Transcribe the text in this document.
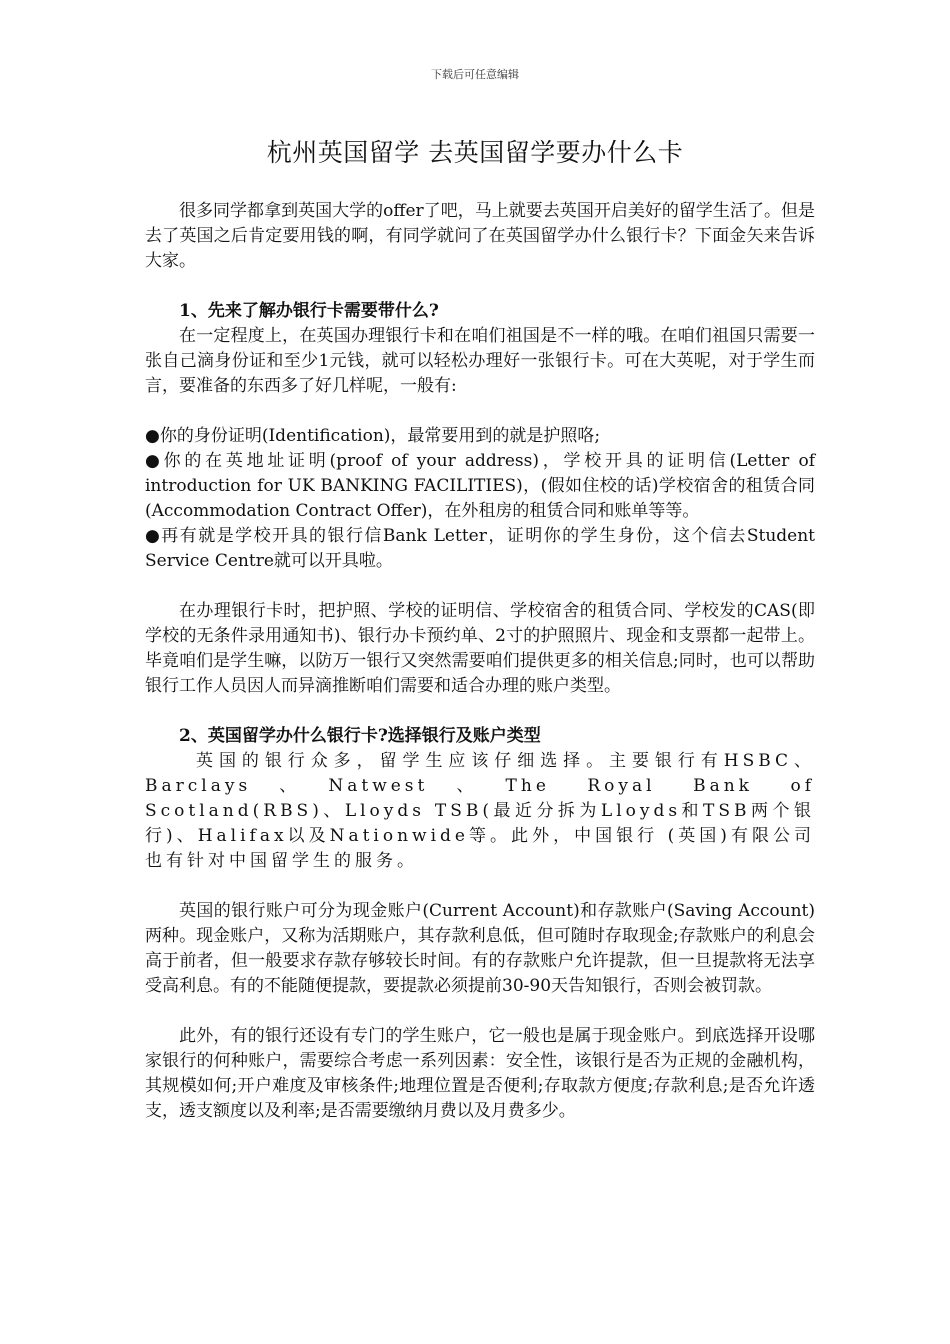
下载后可任意编辑
杭州英国留学 去英国留学要办什么卡

很多同学都拿到英国大学的offer了吧，马上就要去英国开启美好的留学生活了。但是去了英国之后肯定要用钱的啊，有同学就问了在英国留学办什么银行卡？下面金矢来告诉大家。

1、先来了解办银行卡需要带什么?

在一定程度上，在英国办理银行卡和在咱们祖国是不一样的哦。在咱们祖国只需要一张自己滴身份证和至少1元钱，就可以轻松办理好一张银行卡。可在大英呢，对于学生而言，要准备的东西多了好几样呢，一般有:

●你的身份证明(Identification)，最常要用到的就是护照咯;

●你的在英地址证明(proof of your address)，学校开具的证明信(Letter of introduction for UK BANKING FACILITIES)，(假如住校的话)学校宿舍的租赁合同(Accommodation Contract Offer)，在外租房的租赁合同和账单等等。

●再有就是学校开具的银行信Bank Letter，证明你的学生身份，这个信去Student Service Centre就可以开具啦。

在办理银行卡时，把护照、学校的证明信、学校宿舍的租赁合同、学校发的CAS(即学校的无条件录用通知书)、银行办卡预约单、2寸的护照照片、现金和支票都一起带上。毕竟咱们是学生嘛，以防万一银行又突然需要咱们提供更多的相关信息;同时，也可以帮助银行工作人员因人而异滴推断咱们需要和适合办理的账户类型。

2、英国留学办什么银行卡?选择银行及账户类型

英国的银行众多，留学生应该仔细选择。主要银行有HSBC、Barclays、Natwest、The Royal Bank of Scotland(RBS)、Lloyds TSB(最近分拆为Lloyds和TSB两个银行)、Halifax以及Nationwide等。此外，中国银行 (英国)有限公司也有针对中国留学生的服务。

英国的银行账户可分为现金账户(Current Account)和存款账户(Saving Account)两种。现金账户，又称为活期账户，其存款利息低，但可随时存取现金;存款账户的利息会高于前者，但一般要求存款存够较长时间。有的存款账户允许提款，但一旦提款将无法享受高利息。有的不能随便提款，要提款必须提前30-90天告知银行，否则会被罚款。

此外，有的银行还设有专门的学生账户，它一般也是属于现金账户。到底选择开设哪家银行的何种账户，需要综合考虑一系列因素：安全性，该银行是否为正规的金融机构，其规模如何;开户难度及审核条件;地理位置是否便利;存取款方便度;存款利息;是否允许透支，透支额度以及利率;是否需要缴纳月费以及月费多少。
